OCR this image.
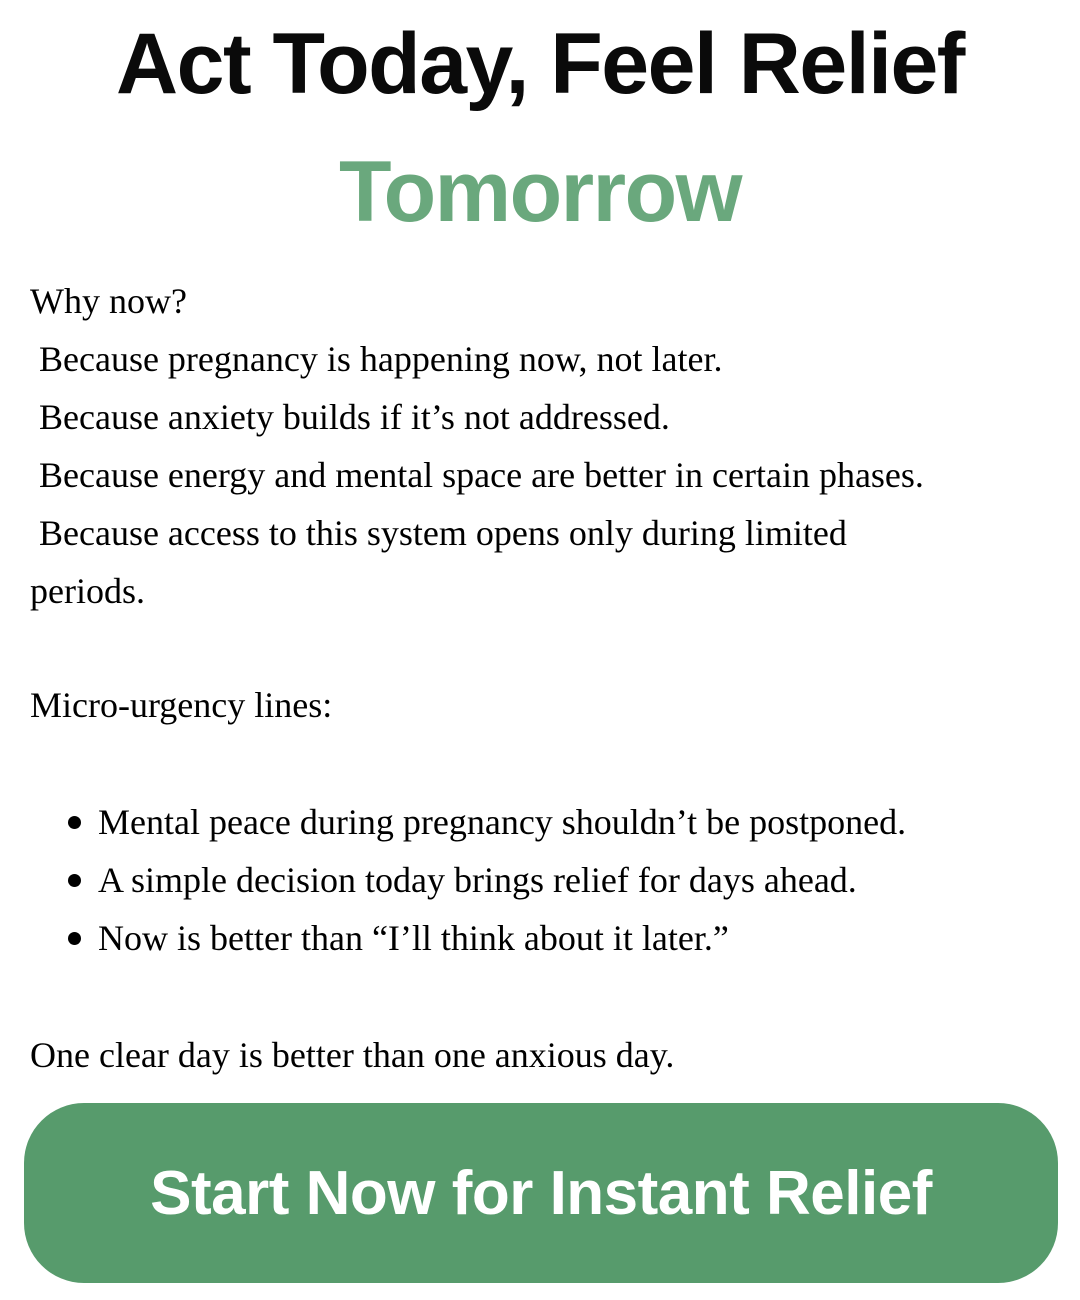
Act Today, Feel Relief
Tomorrow

Why now?

Because pregnancy is happening now, not later.

Because anxiety builds if it’s not addressed.

Because energy and mental space are better in certain phases.

Because access to this system opens only during limited

periods.

Micro-urgency lines:
Mental peace during pregnancy shouldn’t be postponed.
A simple decision today brings relief for days ahead.
Now is better than “I’ll think about it later.”
One clear day is better than one anxious day.
Start Now for Instant Relief
